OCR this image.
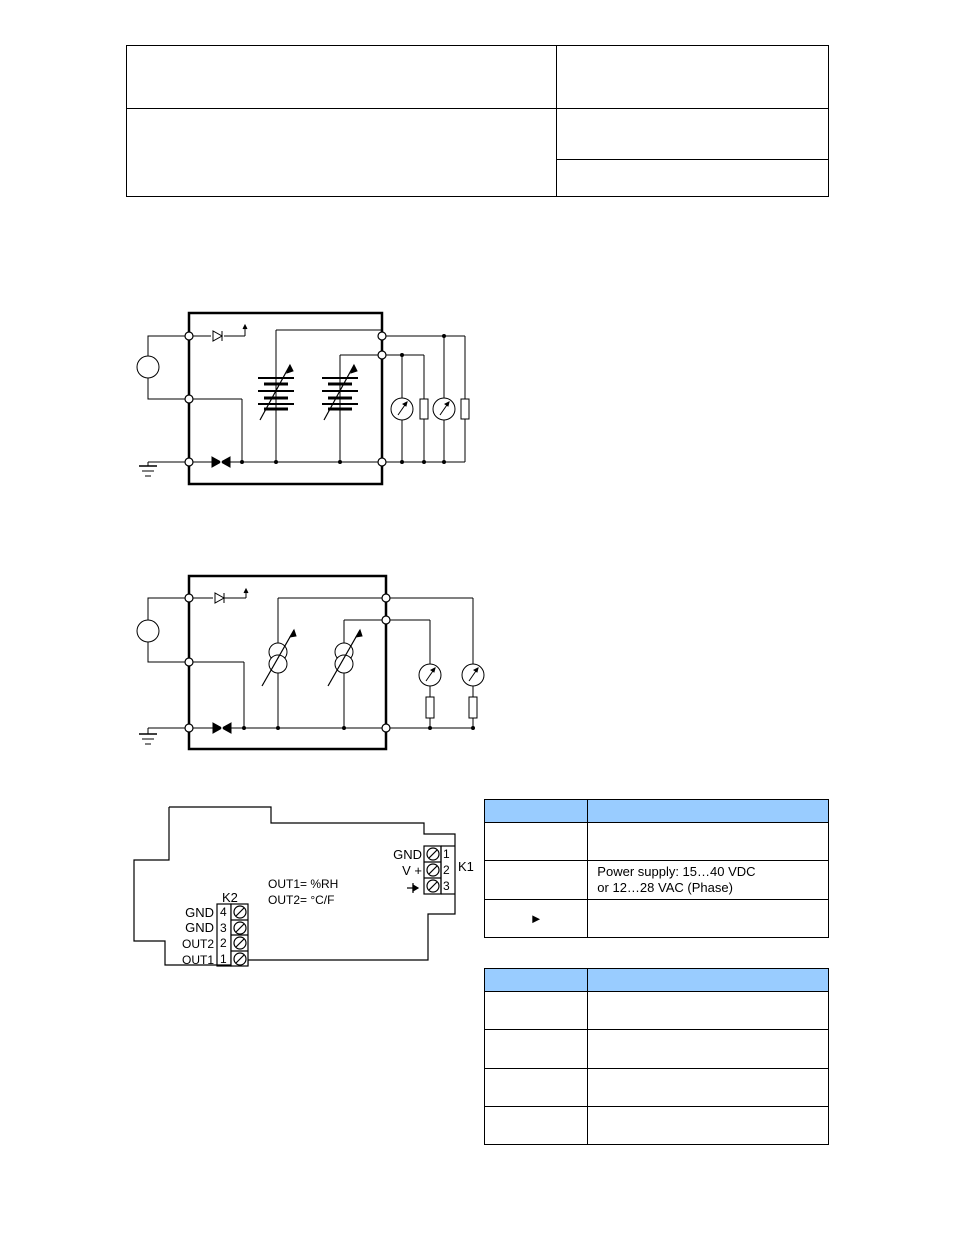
GND
V +
1
2
3
K1
K2
4
3
2
1
GND
GND
OUT2
OUT1
OUT1= %RH
OUT2= °C/F

	Power supply: 15…40 VDC
or 12…28 VAC (Phase)
►	
